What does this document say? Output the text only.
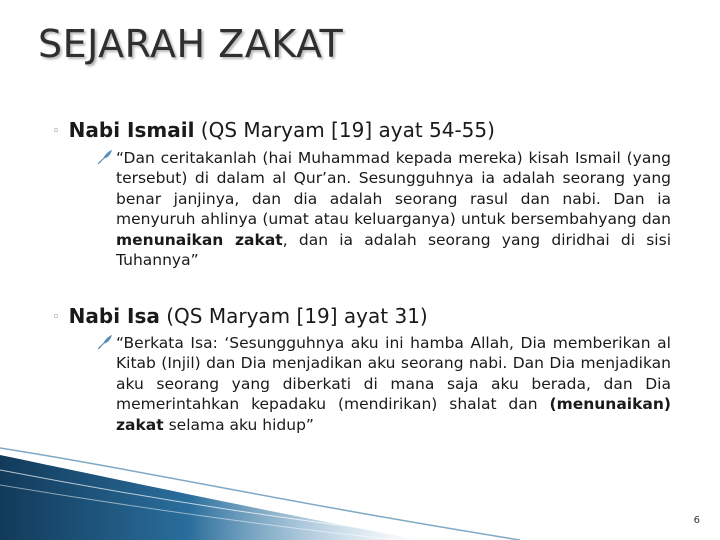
SEJARAH ZAKAT
◦ Nabi Ismail (QS Maryam [19] ayat 54-55)
“Dan ceritakanlah (hai Muhammad kepada mereka) kisah Ismail (yang tersebut) di dalam al Qur’an. Sesungguhnya ia adalah seorang yang benar janjinya, dan dia adalah seorang rasul dan nabi. Dan ia menyuruh ahlinya (umat atau keluarganya) untuk bersembahyang dan menunaikan zakat, dan ia adalah seorang yang diridhai di sisi Tuhannya”
◦ Nabi Isa (QS Maryam [19] ayat 31)
“Berkata Isa: ‘Sesungguhnya aku ini hamba Allah, Dia memberikan al Kitab (Injil) dan Dia menjadikan aku seorang nabi. Dan Dia menjadikan aku seorang yang diberkati di mana saja aku berada, dan Dia memerintahkan kepadaku (mendirikan) shalat dan (menunaikan) zakat selama aku hidup”
6
